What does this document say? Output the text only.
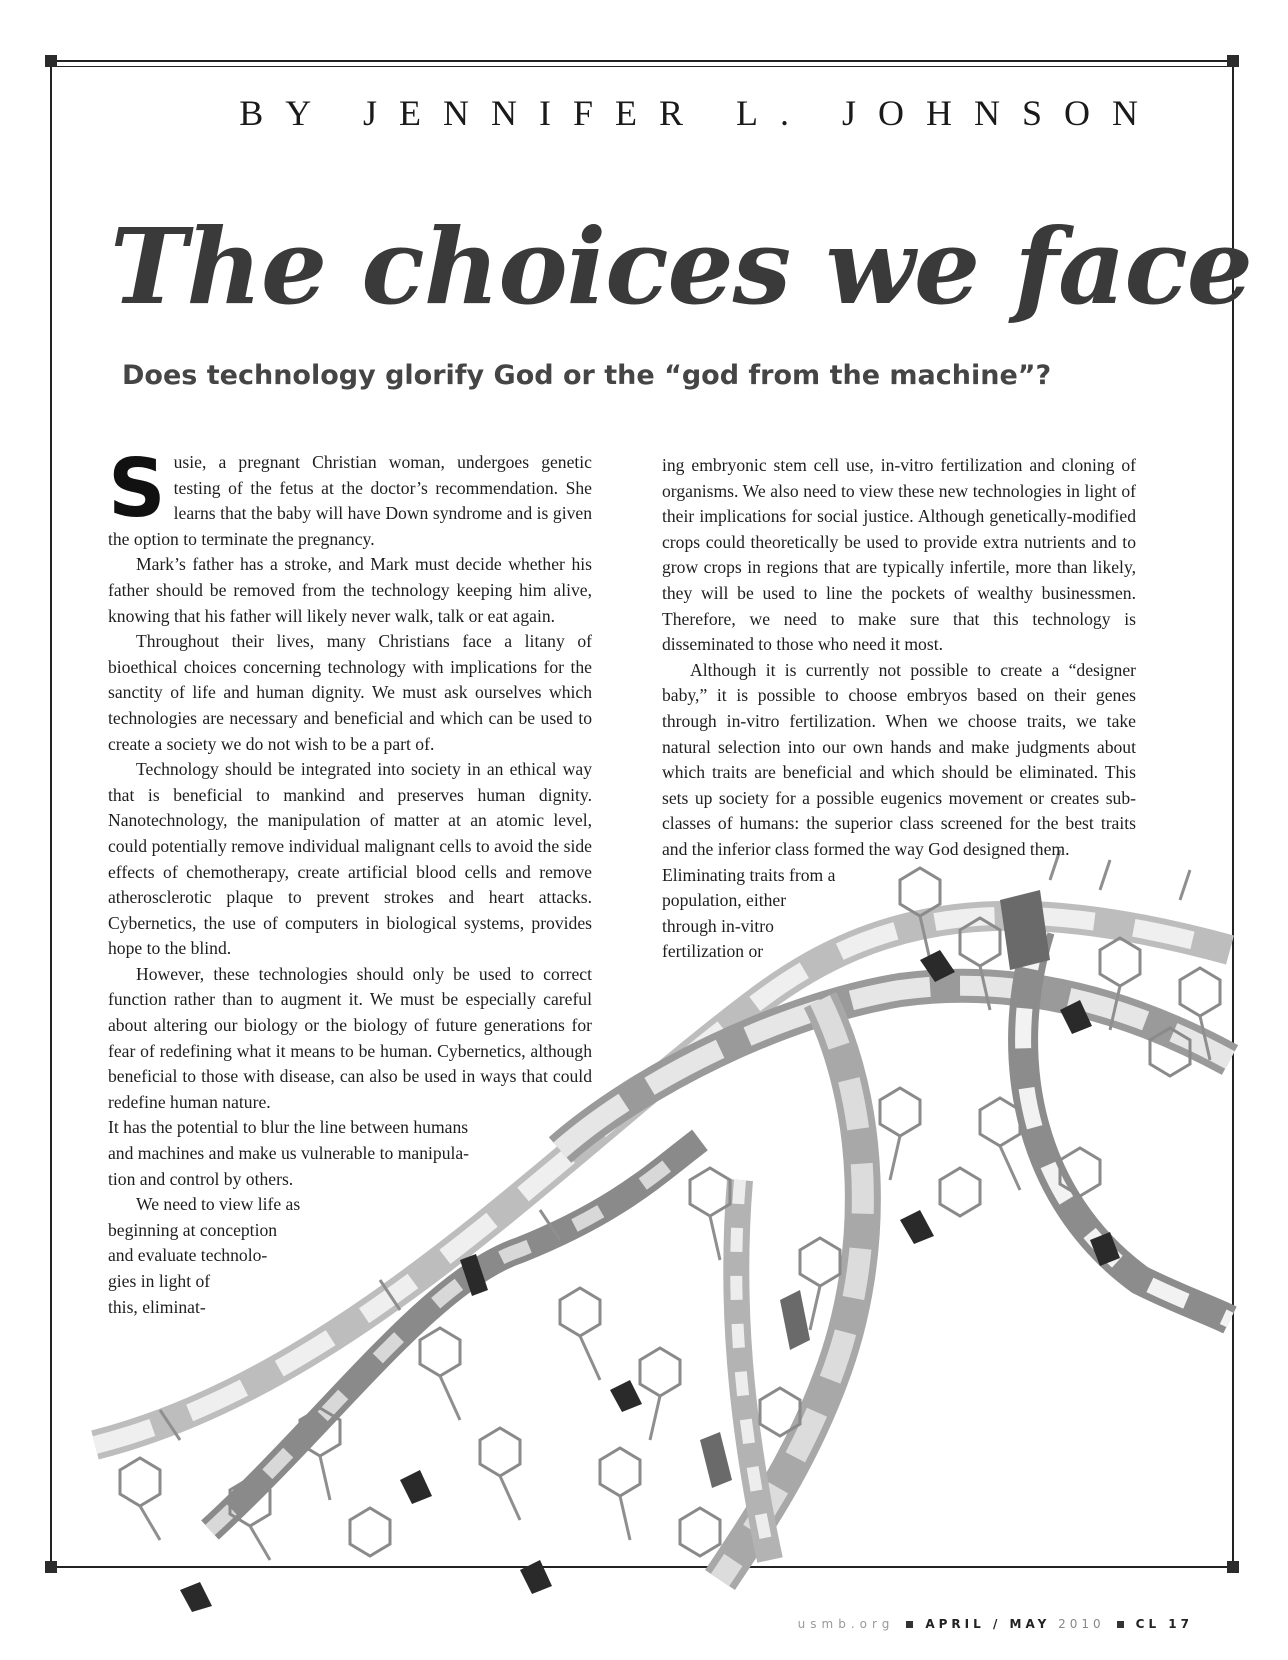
BY JENNIFER L. JOHNSON
The choices we face
Does technology glorify God or the “god from the machine”?

Susie, a pregnant Christian woman, undergoes genetic testing of the fetus at the doctor’s recommendation. She learns that the baby will have Down syndrome and is given the option to terminate the pregnancy.

Mark’s father has a stroke, and Mark must decide whether his father should be removed from the technology keeping him alive, knowing that his father will likely never walk, talk or eat again.

Throughout their lives, many Christians face a litany of bioethical choices concerning technology with implications for the sanctity of life and human dignity. We must ask ourselves which technologies are necessary and beneficial and which can be used to create a society we do not wish to be a part of.

Technology should be integrated into society in an ethical way that is beneficial to mankind and preserves human dignity. Nanotechnology, the manipulation of matter at an atomic level, could potentially remove individual malignant cells to avoid the side effects of chemotherapy, create artificial blood cells and remove atherosclerotic plaque to prevent strokes and heart attacks. Cybernetics, the use of computers in biological systems, provides hope to the blind.

However, these technologies should only be used to correct function rather than to augment it. We must be especially careful about altering our biology or the biology of future generations for fear of redefining what it means to be human. Cybernetics, although beneficial to those with disease, can also be used in ways that could redefine human nature.

It has the potential to blur the line between humans
and machines and make us vulnerable to manipula-
tion and control by others.

We need to view life as
beginning at conception
and evaluate technolo-
gies in light of
this, eliminat-

ing embryonic stem cell use, in-vitro fertilization and cloning of organisms. We also need to view these new technologies in light of their implications for social justice. Although genetically-modified crops could theoretically be used to provide extra nutrients and to grow crops in regions that are typically infertile, more than likely, they will be used to line the pockets of wealthy businessmen. Therefore, we need to make sure that this technology is disseminated to those who need it most.

Although it is currently not possible to create a “designer baby,” it is possible to choose embryos based on their genes through in-vitro fertilization. When we choose traits, we take natural selection into our own hands and make judgments about which traits are beneficial and which should be eliminated. This sets up society for a possible eugenics movement or creates sub-classes of humans: the superior class screened for the best traits and the inferior class formed the way God designed them.

Eliminating traits from a
population, either
through in-vitro
fertilization or

usmb.org	APRIL / MAY 2010	CL 17
